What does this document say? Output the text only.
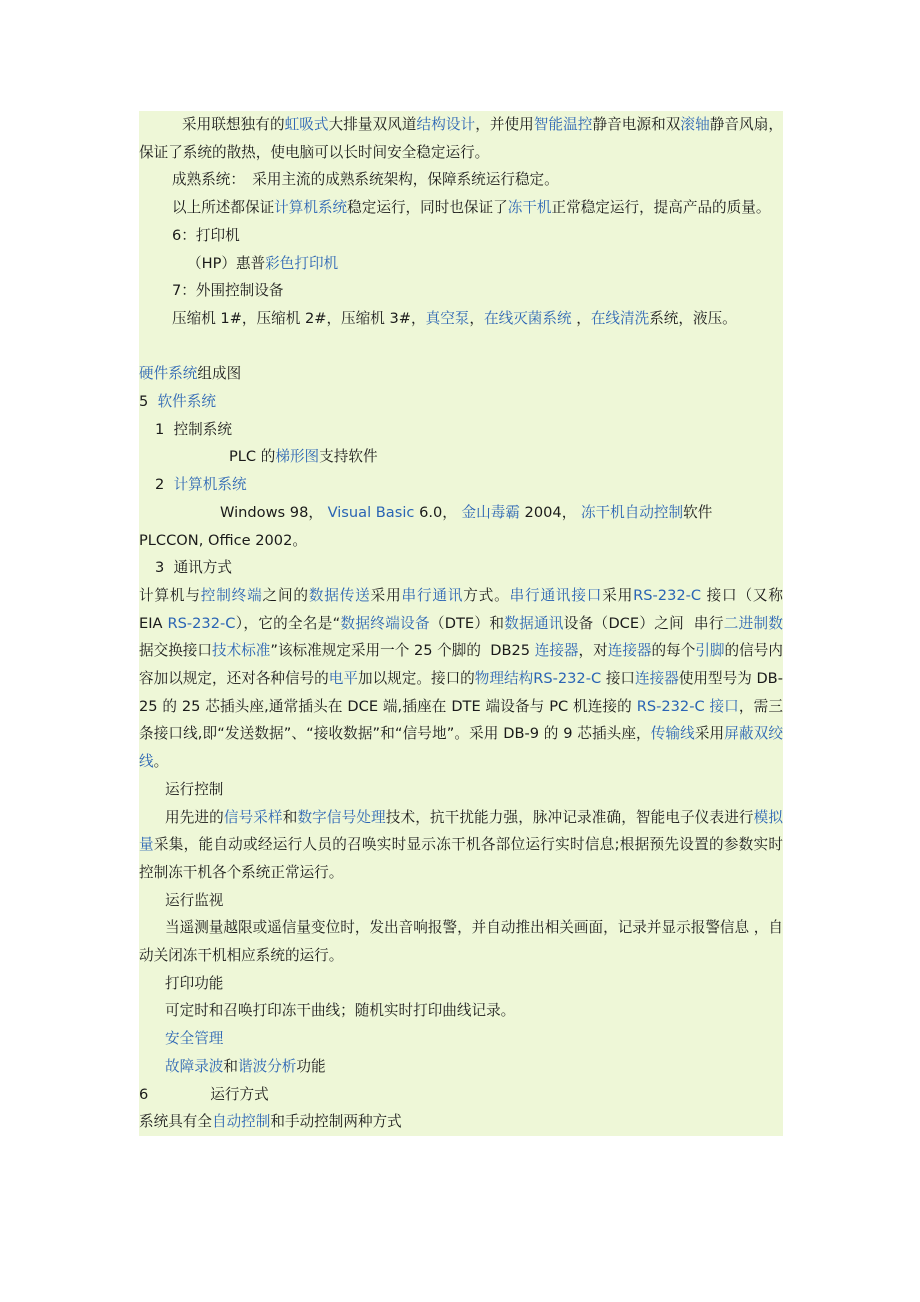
采用联想独有的虹吸式大排量双风道结构设计，并使用智能温控静音电源和双滚轴静音风扇，保证了系统的散热，使电脑可以长时间安全稳定运行。

成熟系统：　采用主流的成熟系统架构，保障系统运行稳定。

以上所述都保证计算机系统稳定运行，同时也保证了冻干机正常稳定运行，提高产品的质量。

6：打印机

（HP）惠普彩色打印机

7：外围控制设备

压缩机 1#，压缩机 2#，压缩机 3#，真空泵，在线灭菌系统 ，在线清洗系统，液压。

硬件系统组成图

5  软件系统

1  控制系统

PLC 的梯形图支持软件

2  计算机系统

Windows 98， Visual Basic 6.0， 金山毒霸 2004， 冻干机自动控制软件

PLCCON, Office 2002。

3  通讯方式

计算机与控制终端之间的数据传送采用串行通讯方式。串行通讯接口采用RS-232-C 接口（又称  EIA RS-232-C），它的全名是“数据终端设备（DTE）和数据通讯设备（DCE）之间  串行二进制数据交换接口技术标准”该标准规定采用一个 25 个脚的  DB25 连接器，对连接器的每个引脚的信号内容加以规定，还对各种信号的电平加以规定。接口的物理结构RS-232-C 接口连接器使用型号为 DB-25 的 25 芯插头座,通常插头在 DCE 端,插座在 DTE 端设备与 PC 机连接的 RS-232-C 接口，需三条接口线,即“发送数据”、“接收数据”和“信号地”。采用 DB-9 的 9 芯插头座，传输线采用屏蔽双绞线。

运行控制

用先进的信号采样和数字信号处理技术，抗干扰能力强，脉冲记录准确，智能电子仪表进行模拟量采集，能自动或经运行人员的召唤实时显示冻干机各部位运行实时信息;根据预先设置的参数实时控制冻干机各个系统正常运行。

运行监视

当遥测量越限或遥信量变位时，发出音响报警，并自动推出相关画面，记录并显示报警信息 ，自动关闭冻干机相应系统的运行。

打印功能

可定时和召唤打印冻干曲线；随机实时打印曲线记录。

安全管理

故障录波和谐波分析功能

6	运行方式

系统具有全自动控制和手动控制两种方式
